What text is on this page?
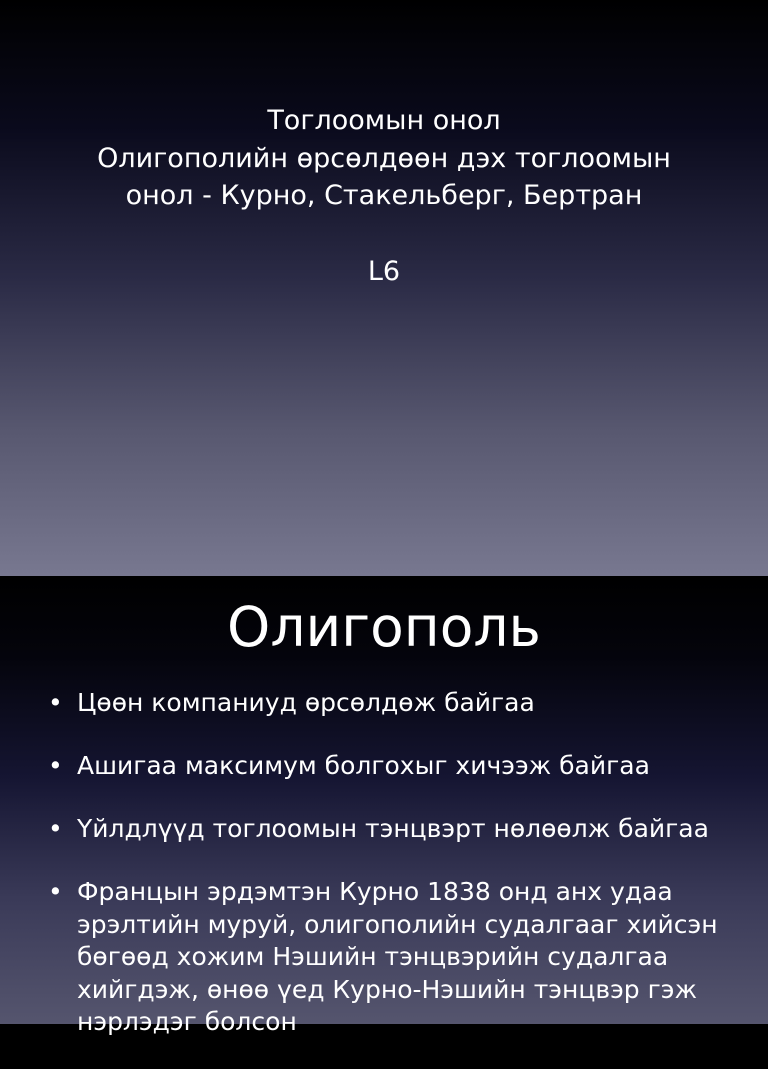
Тоглоомын онол
Олигополийн өрсөлдөөн дэх тоглоомын
онол - Курно, Стакельберг, Бертран
L6
Олигополь
• Цөөн компаниуд өрсөлдөж байгаа
• Ашигаа максимум болгохыг хичээж байгаа
• Үйлдлүүд тоглоомын тэнцвэрт нөлөөлж байгаа
• Францын эрдэмтэн Курно 1838 онд анх удаа эрэлтийн муруй, олигополийн судалгааг хийсэн бөгөөд хожим Нэшийн тэнцвэрийн судалгаа хийгдэж, өнөө үед Курно-Нэшийн тэнцвэр гэж нэрлэдэг болсон
